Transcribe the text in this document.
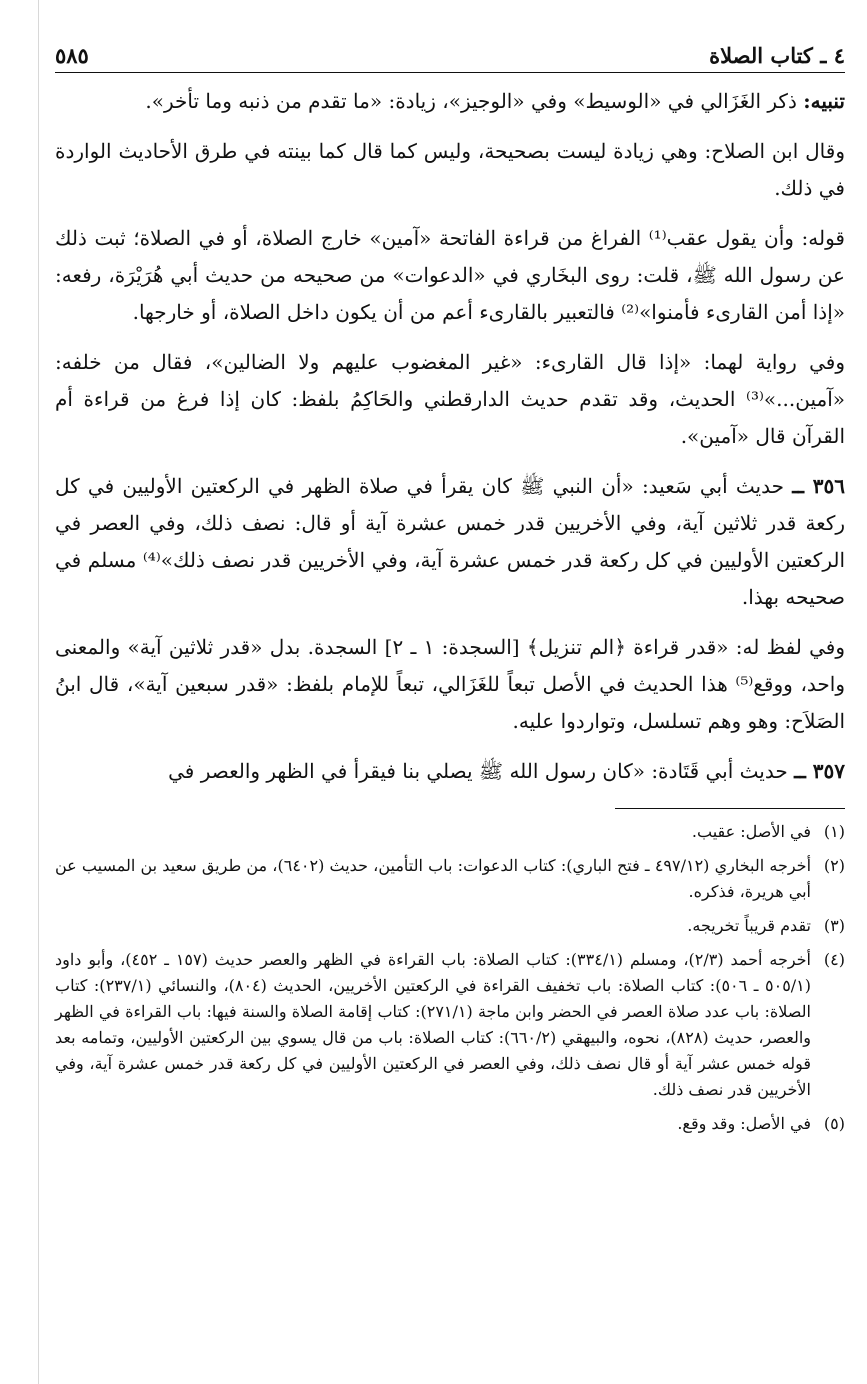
٤ ـ كتاب الصلاة
٥٨٥

تنبيه: ذكر الغَزَالي في «الوسيط» وفي «الوجيز»، زيادة: «ما تقدم من ذنبه وما تأخر».

وقال ابن الصلاح: وهي زيادة ليست بصحيحة، وليس كما قال كما بينته في طرق الأحاديث الواردة في ذلك.

قوله: وأن يقول عقب⁽¹⁾ الفراغ من قراءة الفاتحة «آمين» خارج الصلاة، أو في الصلاة؛ ثبت ذلك عن رسول الله ﷺ، قلت: روى البخَاري في «الدعوات» من صحيحه من حديث أبي هُرَيْرَة، رفعه: «إذا أمن القارىء فأمنوا»⁽²⁾ فالتعبير بالقارىء أعم من أن يكون داخل الصلاة، أو خارجها.

وفي رواية لهما: «إذا قال القارىء: «غير المغضوب عليهم ولا الضالين»، فقال من خلفه: «آمين...»⁽³⁾ الحديث، وقد تقدم حديث الدارقطني والحَاكِمُ بلفظ: كان إذا فرغ من قراءة أم القرآن قال «آمين».

٣٥٦ ــ حديث أبي سَعيد: «أن النبي ﷺ كان يقرأ في صلاة الظهر في الركعتين الأوليين في كل ركعة قدر ثلاثين آية، وفي الأخريين قدر خمس عشرة آية أو قال: نصف ذلك، وفي العصر في الركعتين الأوليين في كل ركعة قدر خمس عشرة آية، وفي الأخريين قدر نصف ذلك»⁽⁴⁾ مسلم في صحيحه بهذا.

وفي لفظ له: «قدر قراءة ﴿الم تنزيل﴾ [السجدة: ١ ـ ٢] السجدة. بدل «قدر ثلاثين آية» والمعنى واحد، ووقع⁽⁵⁾ هذا الحديث في الأصل تبعاً للغَزَالي، تبعاً للإمام بلفظ: «قدر سبعين آية»، قال ابنُ الصَلاَح: وهو وهم تسلسل، وتواردوا عليه.

٣٥٧ ــ حديث أبي قَتَادة: «كان رسول الله ﷺ يصلي بنا فيقرأ في الظهر والعصر في

(١)
في الأصل: عقيب.
(٢)
أخرجه البخاري (٤٩٧/١٢ ـ فتح الباري): كتاب الدعوات: باب التأمين، حديث (٦٤٠٢)، من طريق سعيد بن المسيب عن أبي هريرة، فذكره.
(٣)
تقدم قريباً تخريجه.
(٤)
أخرجه أحمد (٢/٣)، ومسلم (٣٣٤/١): كتاب الصلاة: باب القراءة في الظهر والعصر حديث (١٥٧ ـ ٤٥٢)، وأبو داود (٥٠٥/١ ـ ٥٠٦): كتاب الصلاة: باب تخفيف القراءة في الركعتين الأخريين، الحديث (٨٠٤)، والنسائي (٢٣٧/١): كتاب الصلاة: باب عدد صلاة العصر في الحضر وابن ماجة (٢٧١/١): كتاب إقامة الصلاة والسنة فيها: باب القراءة في الظهر والعصر، حديث (٨٢٨)، نحوه، والبيهقي (٦٦٠/٢): كتاب الصلاة: باب من قال يسوي بين الركعتين الأوليين، وتمامه بعد قوله خمس عشر آية أو قال نصف ذلك، وفي العصر في الركعتين الأوليين في كل ركعة قدر خمس عشرة آية، وفي الأخريين قدر نصف ذلك.
(٥)
في الأصل: وقد وقع.
